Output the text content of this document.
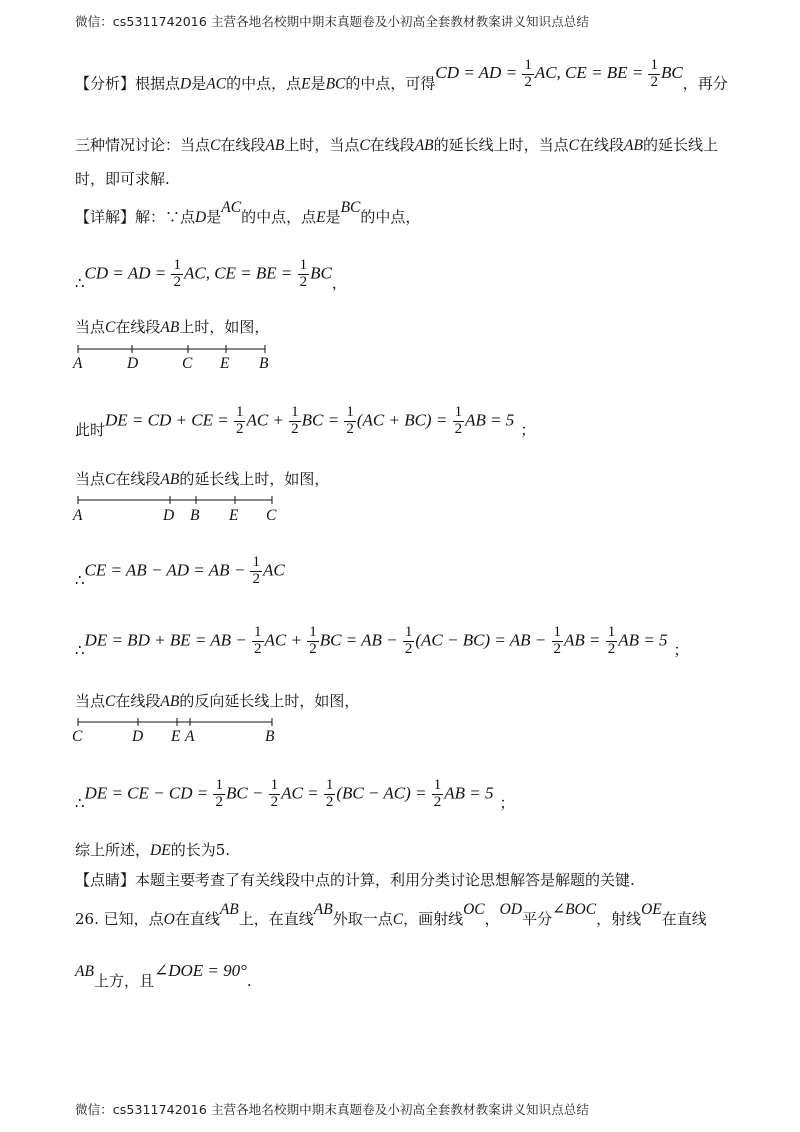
微信：cs5311742016 主营各地名校期中期末真题卷及小初高全套教材教案讲义知识点总结
【分析】根据点D是AC的中点，点E是BC的中点，可得CD = AD = $\frac{1}{2}$ AC, CE = BE = $\frac{1}{2}$ BC，再分
三种情况讨论：当点C在线段AB上时，当点C在线段AB的延长线上时，当点C在线段AB的延长线上
时，即可求解.
【详解】解：∵点D是AC的中点，点E是BC的中点，
∴CD = AD = $\frac{1}{2}$ AC, CE = BE = $\frac{1}{2}$ BC，
当点C在线段AB上时，如图，
A	D	C E B
此时DE = CD + CE = $\frac{1}{2}$ AC + $\frac{1}{2}$ BC = $\frac{1}{2} (AC + BC) = \frac{1}{2}$ AB = 5；
当点C在线段AB的延长线上时，如图，
A	D B E C
∴CE = AB − AD = AB − $\frac{1}{2}$ AC
∴DE = BD + BE = AB − $\frac{1}{2}$ AC + $\frac{1}{2}$ BC = AB − $\frac{1}{2} (AC - BC)$ = AB − $\frac{1}{2}$ AB = $\frac{1}{2}$ AB = 5；
当点C在线段AB的反向延长线上时，如图，
C	D E A	B
∴DE = CE − CD = $\frac{1}{2}$ BC − $\frac{1}{2}$ AC = $\frac{1}{2} (BC - AC) = \frac{1}{2}$ AB = 5；
综上所述，DE的长为5.
【点睛】本题主要考查了有关线段中点的计算，利用分类讨论思想解答是解题的关键.
26. 已知，点O在直线AB上，在直线AB外取一点C，画射线OC，OD平分∠BOC，射线OE在直线
AB上方，且∠DOE = 90°.
微信：cs5311742016 主营各地名校期中期末真题卷及小初高全套教材教案讲义知识点总结
